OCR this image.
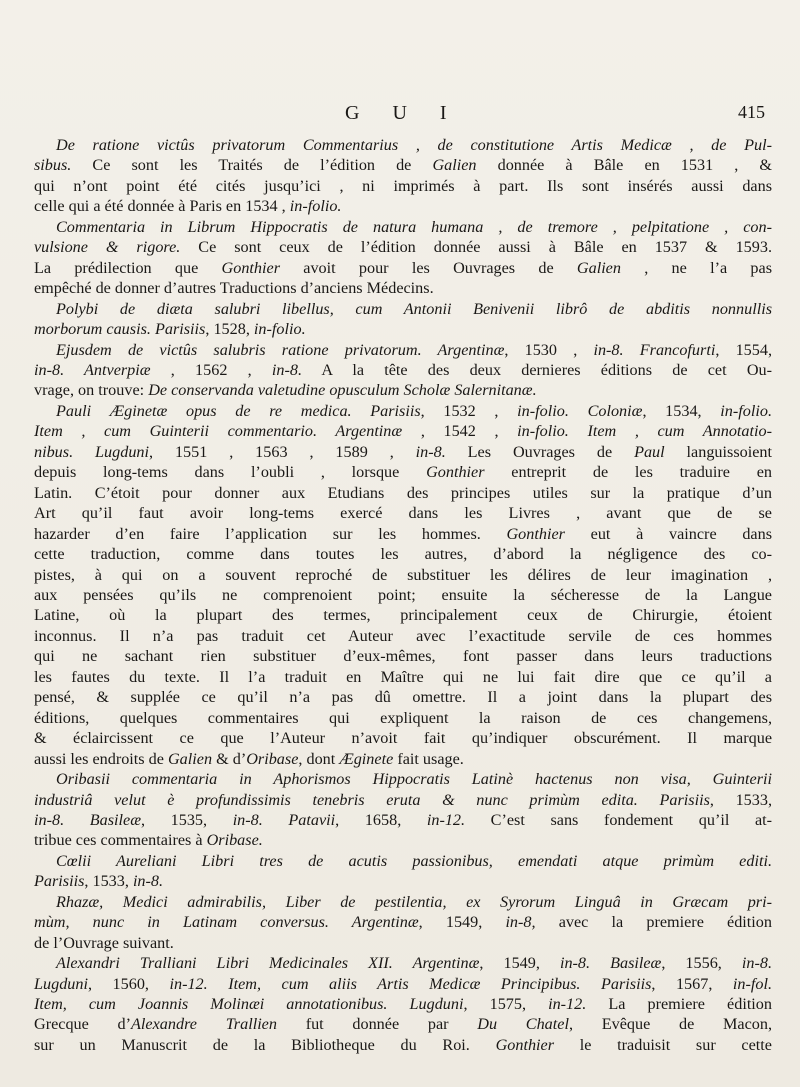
G U I	415
De ratione victûs privatorum Commentarius , de constitutione Artis Medicæ , de Pul-
sibus. Ce sont les Traités de l’édition de Galien donnée à Bâle en 1531 , &
qui n’ont point été cités jusqu’ici , ni imprimés à part. Ils sont insérés aussi dans
celle qui a été donnée à Paris en 1534 , in-folio.
Commentaria in Librum Hippocratis de natura humana , de tremore , pelpitatione , con-
vulsione & rigore. Ce sont ceux de l’édition donnée aussi à Bâle en 1537 & 1593.
La prédilection que Gonthier avoit pour les Ouvrages de Galien , ne l’a pas
empêché de donner d’autres Traductions d’anciens Médecins.
Polybi de diæta salubri libellus, cum Antonii Benivenii librô de abditis nonnullis
morborum causis. Parisiis, 1528, in-folio.
Ejusdem de victûs salubris ratione privatorum. Argentinæ, 1530 , in-8. Francofurti, 1554,
in-8. Antverpiæ , 1562 , in-8. A la tête des deux dernieres éditions de cet Ou-
vrage, on trouve: De conservanda valetudine opusculum Scholæ Salernitanæ.
Pauli Æginetæ opus de re medica. Parisiis, 1532 , in-folio. Coloniæ, 1534, in-folio.
Item , cum Guinterii commentario. Argentinæ , 1542 , in-folio. Item , cum Annotatio-
nibus. Lugduni, 1551 , 1563 , 1589 , in-8. Les Ouvrages de Paul languissoient
depuis long-tems dans l’oubli , lorsque Gonthier entreprit de les traduire en
Latin. C’étoit pour donner aux Etudians des principes utiles sur la pratique d’un
Art qu’il faut avoir long-tems exercé dans les Livres , avant que de se
hazarder d’en faire l’application sur les hommes. Gonthier eut à vaincre dans
cette traduction, comme dans toutes les autres, d’abord la négligence des co-
pistes, à qui on a souvent reproché de substituer les délires de leur imagination ,
aux pensées qu’ils ne comprenoient point; ensuite la sécheresse de la Langue
Latine, où la plupart des termes, principalement ceux de Chirurgie, étoient
inconnus. Il n’a pas traduit cet Auteur avec l’exactitude servile de ces hommes
qui ne sachant rien substituer d’eux-mêmes, font passer dans leurs traductions
les fautes du texte. Il l’a traduit en Maître qui ne lui fait dire que ce qu’il a
pensé, & supplée ce qu’il n’a pas dû omettre. Il a joint dans la plupart des
éditions, quelques commentaires qui expliquent la raison de ces changemens,
& éclaircissent ce que l’Auteur n’avoit fait qu’indiquer obscurément. Il marque
aussi les endroits de Galien & d’Oribase, dont Æginete fait usage.
Oribasii commentaria in Aphorismos Hippocratis Latinè hactenus non visa, Guinterii
industriâ velut è profundissimis tenebris eruta & nunc primùm edita. Parisiis, 1533,
in-8. Basileæ, 1535, in-8. Patavii, 1658, in-12. C’est sans fondement qu’il at-
tribue ces commentaires à Oribase.
Cœlii Aureliani Libri tres de acutis passionibus, emendati atque primùm editi.
Parisiis, 1533, in-8.
Rhazæ, Medici admirabilis, Liber de pestilentia, ex Syrorum Linguâ in Græcam pri-
mùm, nunc in Latinam conversus. Argentinæ, 1549, in-8, avec la premiere édition
de l’Ouvrage suivant.
Alexandri Tralliani Libri Medicinales XII. Argentinæ, 1549, in-8. Basileæ, 1556, in-8.
Lugduni, 1560, in-12. Item, cum aliis Artis Medicæ Principibus. Parisiis, 1567, in-fol.
Item, cum Joannis Molinæi annotationibus. Lugduni, 1575, in-12. La premiere édition
Grecque d’Alexandre Trallien fut donnée par Du Chatel, Evêque de Macon,
sur un Manuscrit de la Bibliotheque du Roi. Gonthier le traduisit sur cette
